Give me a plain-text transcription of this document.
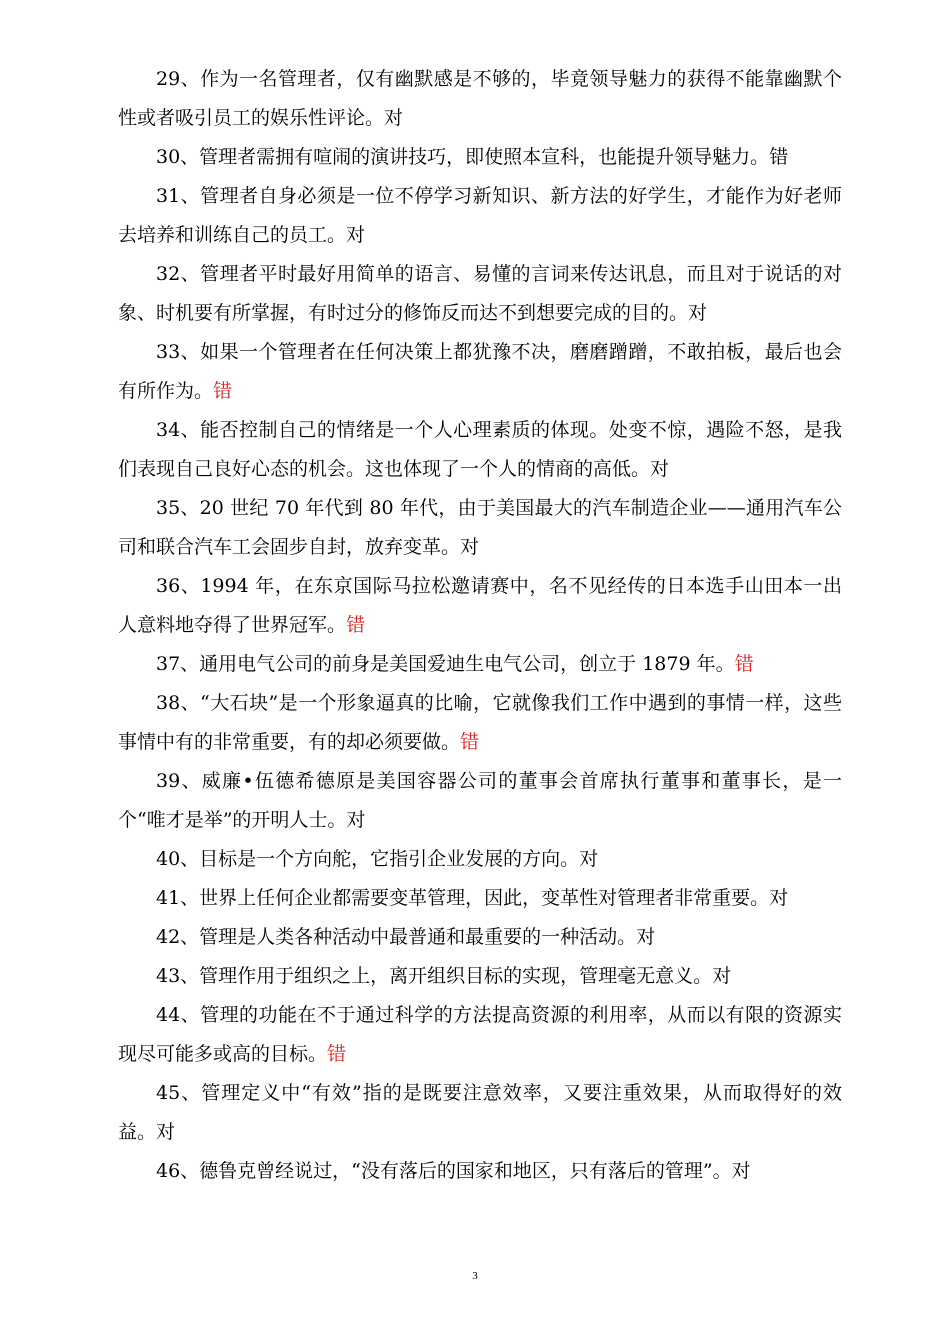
29、作为一名管理者，仅有幽默感是不够的，毕竟领导魅力的获得不能靠幽默个性或者吸引员工的娱乐性评论。对

30、管理者需拥有喧闹的演讲技巧，即使照本宣科，也能提升领导魅力。错

31、管理者自身必须是一位不停学习新知识、新方法的好学生，才能作为好老师去培养和训练自己的员工。对

32、管理者平时最好用简单的语言、易懂的言词来传达讯息，而且对于说话的对象、时机要有所掌握，有时过分的修饰反而达不到想要完成的目的。对

33、如果一个管理者在任何决策上都犹豫不决，磨磨蹭蹭，不敢拍板，最后也会有所作为。错

34、能否控制自己的情绪是一个人心理素质的体现。处变不惊，遇险不怒，是我们表现自己良好心态的机会。这也体现了一个人的情商的高低。对

35、20 世纪 70 年代到 80 年代，由于美国最大的汽车制造企业——通用汽车公司和联合汽车工会固步自封，放弃变革。对

36、1994 年，在东京国际马拉松邀请赛中，名不见经传的日本选手山田本一出人意料地夺得了世界冠军。错

37、通用电气公司的前身是美国爱迪生电气公司，创立于 1879 年。错

38、“大石块”是一个形象逼真的比喻，它就像我们工作中遇到的事情一样，这些事情中有的非常重要，有的却必须要做。错

39、威廉•伍德希德原是美国容器公司的董事会首席执行董事和董事长，是一个“唯才是举”的开明人士。对

40、目标是一个方向舵，它指引企业发展的方向。对

41、世界上任何企业都需要变革管理，因此，变革性对管理者非常重要。对

42、管理是人类各种活动中最普通和最重要的一种活动。对

43、管理作用于组织之上，离开组织目标的实现，管理毫无意义。对

44、管理的功能在不于通过科学的方法提高资源的利用率，从而以有限的资源实现尽可能多或高的目标。错

45、管理定义中“有效”指的是既要注意效率，又要注重效果，从而取得好的效益。对

46、德鲁克曾经说过，“没有落后的国家和地区，只有落后的管理”。对

3
